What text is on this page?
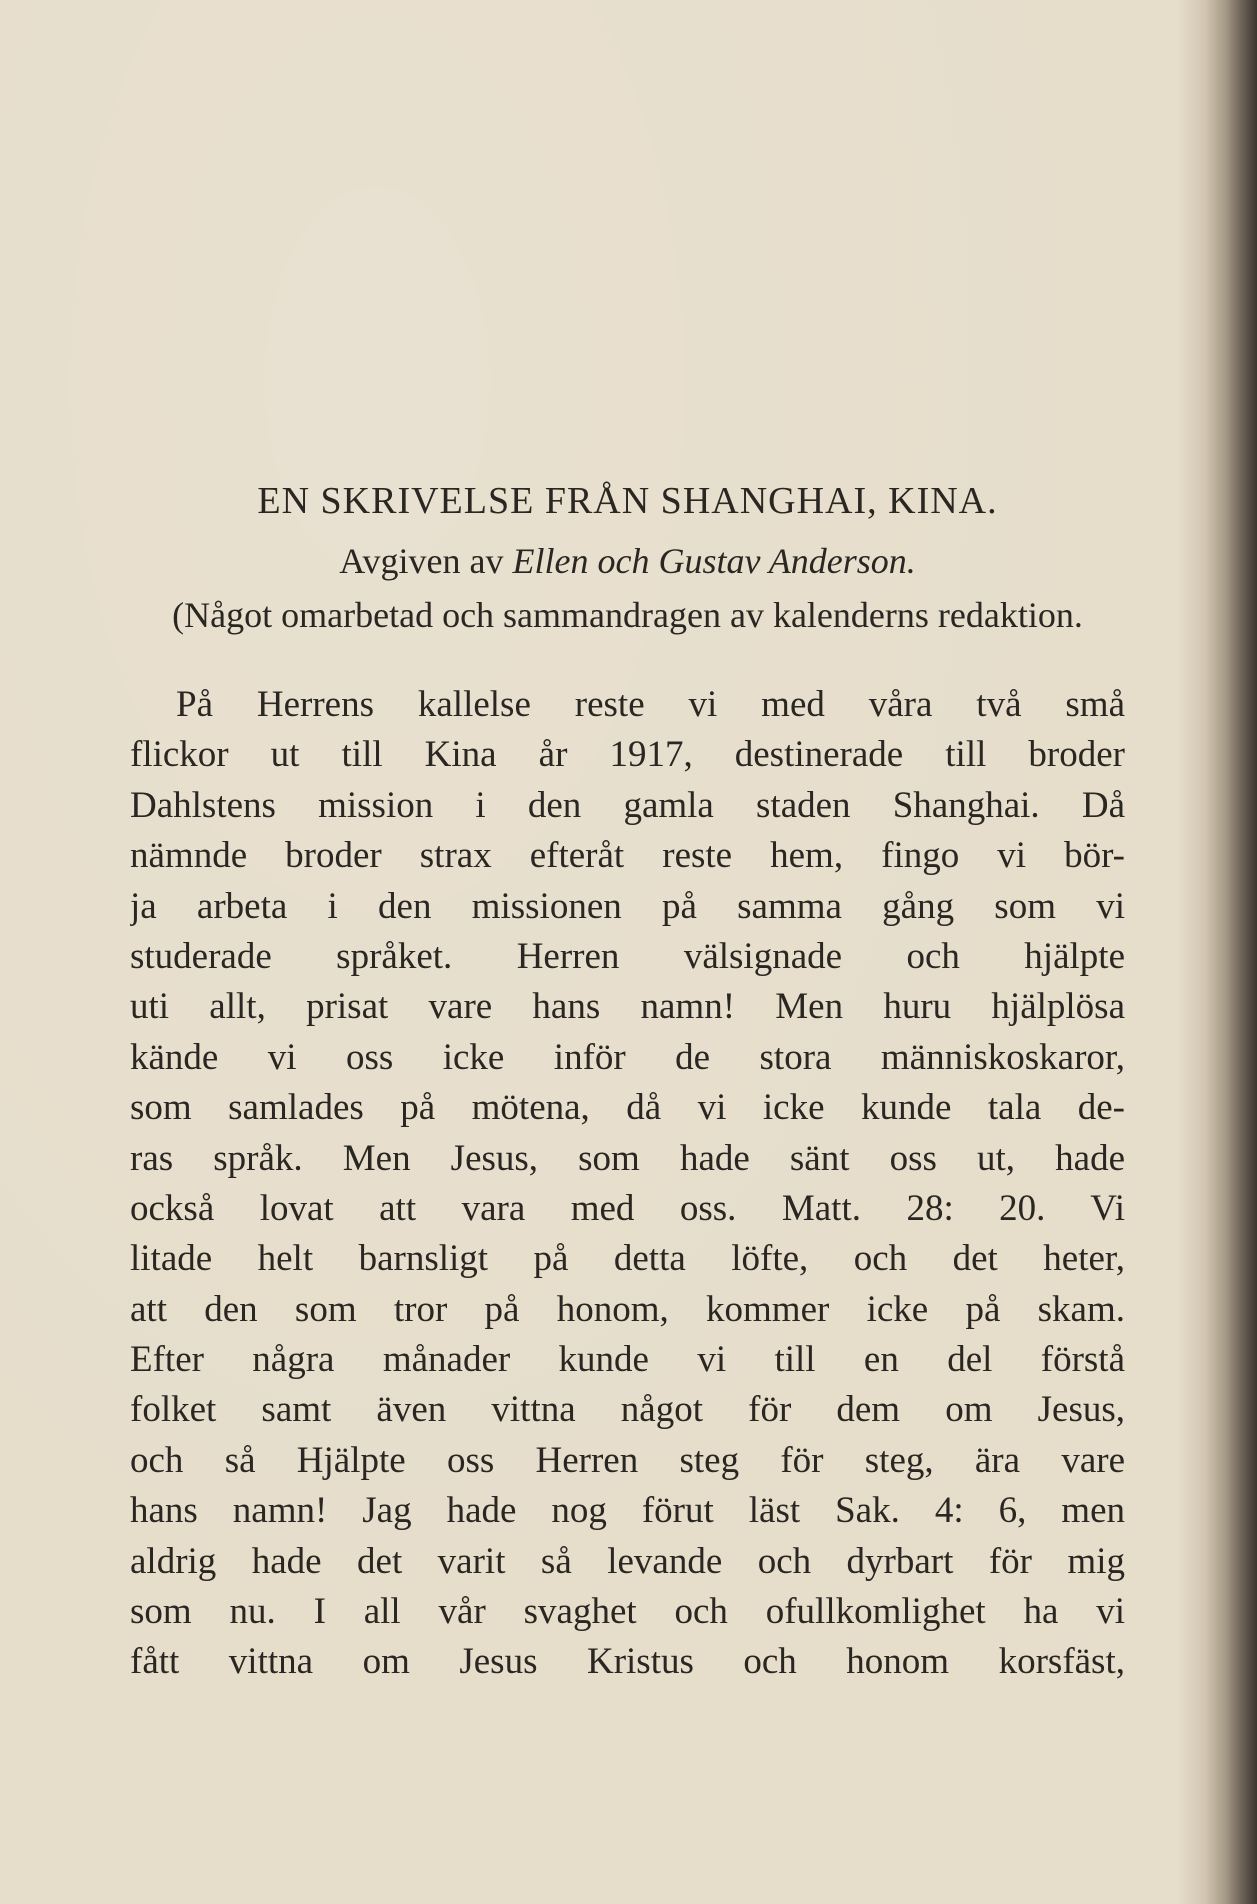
EN SKRIVELSE FRÅN SHANGHAI, KINA.

Avgiven av Ellen och Gustav Anderson.

(Något omarbetad och sammandragen av kalenderns redaktion.

På Herrens kallelse reste vi med våra två små
flickor ut till Kina år 1917, destinerade till broder
Dahlstens mission i den gamla staden Shanghai. Då
nämnde broder strax efteråt reste hem, fingo vi bör-
ja arbeta i den missionen på samma gång som vi
studerade språket. Herren välsignade och hjälpte
uti allt, prisat vare hans namn! Men huru hjälplösa
kände vi oss icke inför de stora människoskaror,
som samlades på mötena, då vi icke kunde tala de-
ras språk. Men Jesus, som hade sänt oss ut, hade
också lovat att vara med oss. Matt. 28: 20. Vi
litade helt barnsligt på detta löfte, och det heter,
att den som tror på honom, kommer icke på skam.
Efter några månader kunde vi till en del förstå
folket samt även vittna något för dem om Jesus,
och så Hjälpte oss Herren steg för steg, ära vare
hans namn! Jag hade nog förut läst Sak. 4: 6, men
aldrig hade det varit så levande och dyrbart för mig
som nu. I all vår svaghet och ofullkomlighet ha vi
fått vittna om Jesus Kristus och honom korsfäst,
